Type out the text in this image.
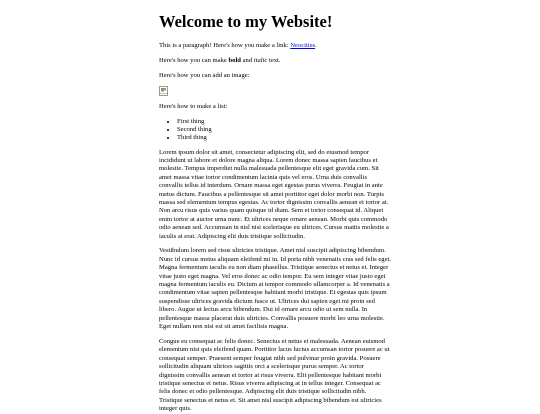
Welcome to my Website!

This is a paragraph! Here's how you make a link: Neocities.

Here's how you can make bold and italic text.

Here's how you can add an image:

Here's how to make a list:

• First thing
• Second thing
• Third thing

Lorem ipsum dolor sit amet, consectetur adipiscing elit, sed do eiusmod tempor incididunt ut labore et dolore magna aliqua. Lorem donec massa sapien faucibus et molestie. Tempus imperdiet nulla malesuada pellentesque elit eget gravida cum. Sit amet massa vitae tortor condimentum lacinia quis vel eros. Urna duis convallis convallis tellus id interdum. Ornare massa eget egestas purus viverra. Feugiat in ante metus dictum. Faucibus a pellentesque sit amet porttitor eget dolor morbi non. Turpis massa sed elementum tempus egestas. Ac tortor dignissim convallis aenean et tortor at. Non arcu risus quis varius quam quisque id diam. Sem et tortor consequat id. Aliquet enim tortor at auctor urna nunc. Et ultrices neque ornare aenean. Morbi quis commodo odio aenean sed. Accumsan in nisl nisi scelerisque eu ultrices. Cursus mattis molestie a iaculis at erat. Adipiscing elit duis tristique sollicitudin.

Vestibulum lorem sed risus ultricies tristique. Amet nisl suscipit adipiscing bibendum. Nunc id cursus metus aliquam eleifend mi in. Id porta nibh venenatis cras sed felis eget. Magna fermentum iaculis eu non diam phasellus. Tristique senectus et netus et. Integer vitae justo eget magna. Vel eros donec ac odio tempor. Eu sem integer vitae justo eget magna fermentum iaculis eu. Dictum at tempor commodo ullamcorper a. Id venenatis a condimentum vitae sapien pellentesque habitant morbi tristique. Et egestas quis ipsum suspendisse ultrices gravida dictum fusce ut. Ultrices dui sapien eget mi proin sed libero. Augue ut lectus arcu bibendum. Dui id ornare arcu odio ut sem nulla. In pellentesque massa placerat duis ultricies. Convallis posuere morbi leo urna molestie. Eget nullam non nisi est sit amet facilisis magna.

Congue eu consequat ac felis donec. Senectus et netus et malesuada. Aenean euismod elementum nisi quis eleifend quam. Porttitor lacus luctus accumsan tortor posuere ac ut consequat semper. Praesent semper feugiat nibh sed pulvinar proin gravida. Posuere sollicitudin aliquam ultrices sagittis orci a scelerisque purus semper. Ac tortor dignissim convallis aenean et tortor at risus viverra. Elit pellentesque habitant morbi tristique senectus et netus. Risus viverra adipiscing at in tellus integer. Consequat ac felis donec et odio pellentesque. Adipiscing elit duis tristique sollicitudin nibh. Tristique senectus et netus et. Sit amet nisl suscipit adipiscing bibendum est ultricies integer quis.
